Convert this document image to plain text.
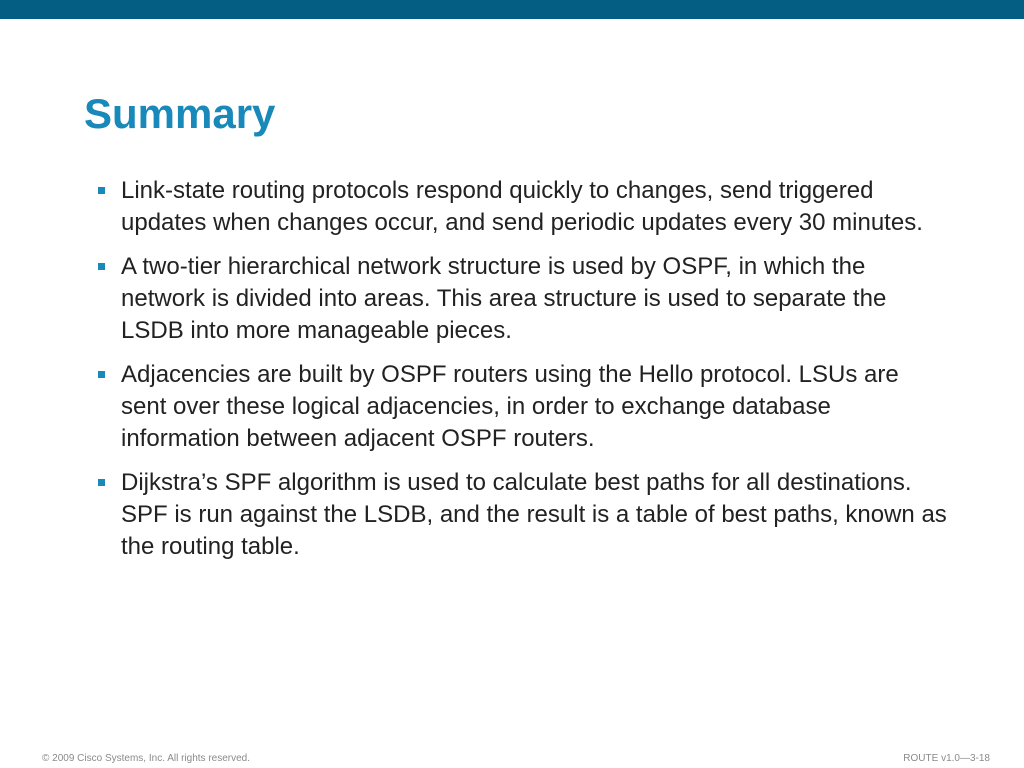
Summary
Link-state routing protocols respond quickly to changes, send triggered updates when changes occur, and send periodic updates every 30 minutes.
A two-tier hierarchical network structure is used by OSPF, in which the network is divided into areas. This area structure is used to separate the LSDB into more manageable pieces.
Adjacencies are built by OSPF routers using the Hello protocol. LSUs are sent over these logical adjacencies, in order to exchange database information between adjacent OSPF routers.
Dijkstra’s SPF algorithm is used to calculate best paths for all destinations. SPF is run against the LSDB, and the result is a table of best paths, known as the routing table.
© 2009 Cisco Systems, Inc. All rights reserved.	ROUTE v1.0—3-18
